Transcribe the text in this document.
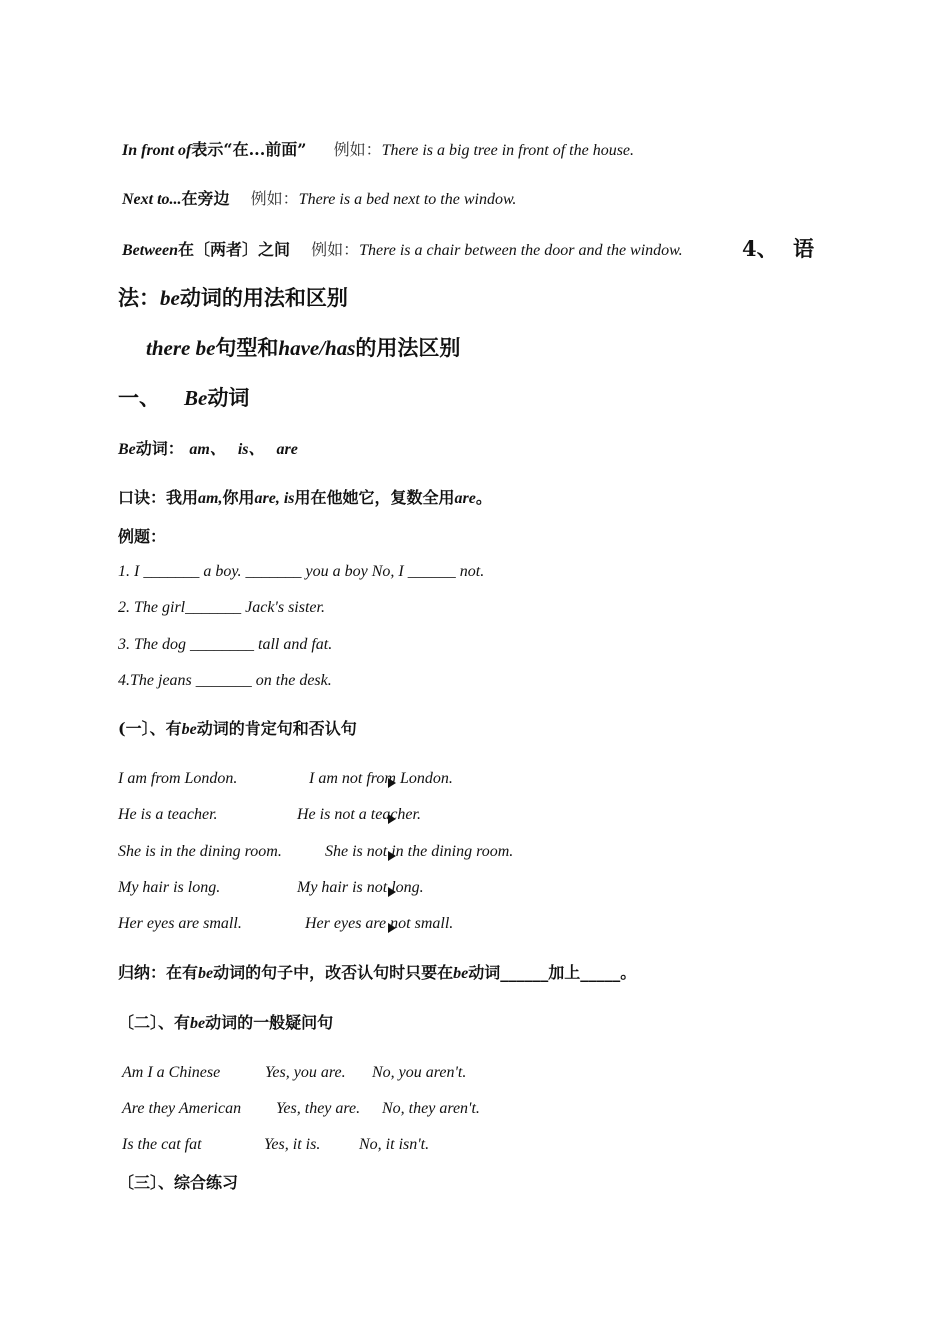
In front of表示“在...前面” 例如：There is a big tree in front of the house.
Next to...在旁边 例如：There is a bed next to the window.
Between在〔两者〕之间 例如：There is a chair between the door and the window.	4、 语
法：be动词的用法和区别
there be句型和have/has的用法区别
一、 Be动词
Be动词： am、 is、 are
口诀：我用am,你用are, is用在他她它，复数全用are。
例题：
1. I _______ a boy. _______ you a boy No, I ______ not.
2. The girl_______ Jack's sister.
3. The dog ________ tall and fat.
4.The jeans _______ on the desk.
(一〕、有be动词的肯定句和否认句
I am from London.	I am not from London.
He is a teacher.	He is not a teacher.
She is in the dining room.	She is not in the dining room.
My hair is long.	My hair is not long.
Her eyes are small.	Her eyes are not small.
归纳：在有be动词的句子中，改否认句时只要在be动词______加上_____。
〔二〕、有be动词的一般疑问句
Am I a Chinese	Yes, you are. No, you aren't.
Are they American Yes, they are. No, they aren't.
Is the cat fat	Yes, it is. No, it isn't.
〔三〕、综合练习
